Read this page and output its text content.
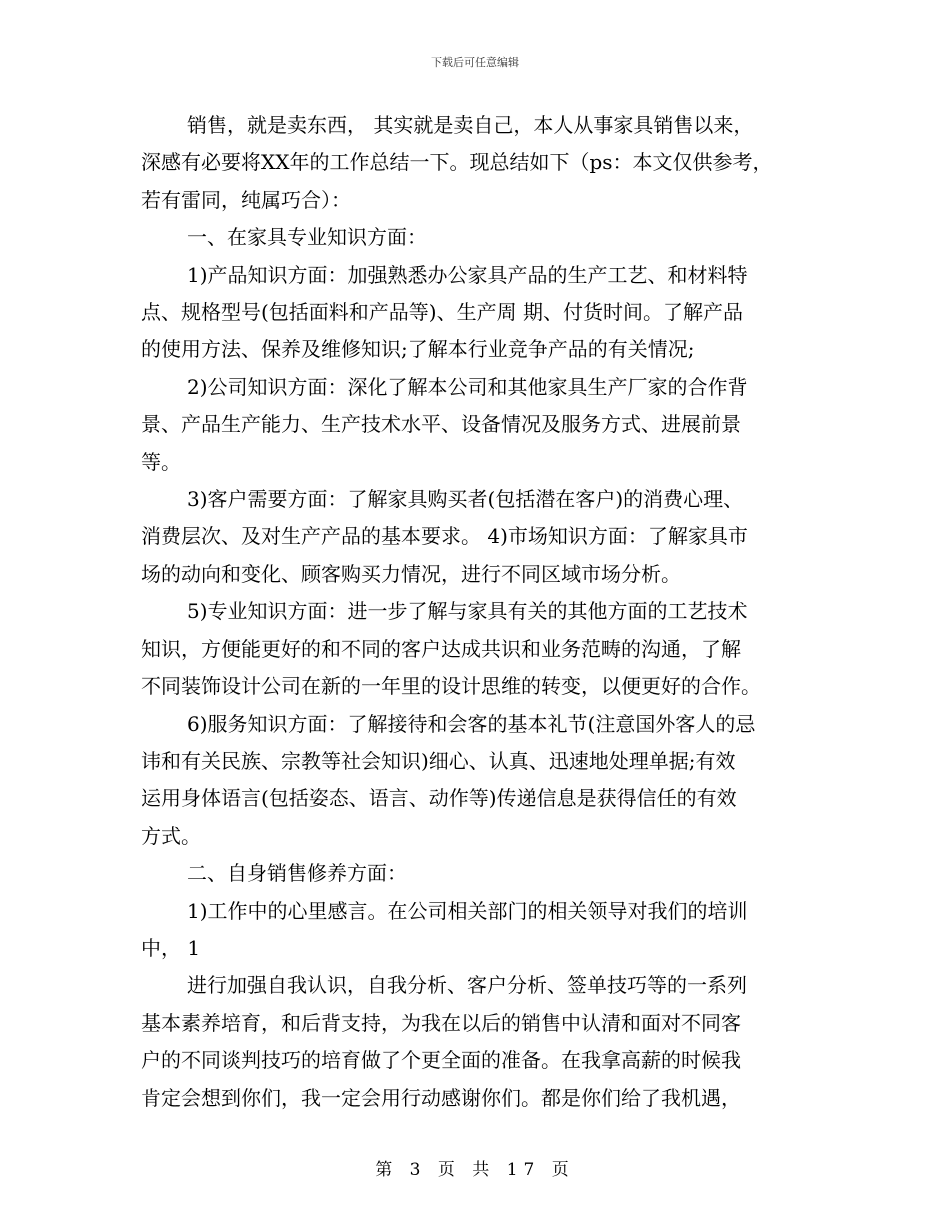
下载后可任意编辑
销售，就是卖东西， 其实就是卖自己，本人从事家具销售以来，
深感有必要将XX年的工作总结一下。现总结如下（ps：本文仅供参考，
若有雷同，纯属巧合）：
一、在家具专业知识方面：
1)产品知识方面：加强熟悉办公家具产品的生产工艺、和材料特
点、规格型号(包括面料和产品等)、生产周 期、付货时间。了解产品
的使用方法、保养及维修知识;了解本行业竞争产品的有关情况;
2)公司知识方面：深化了解本公司和其他家具生产厂家的合作背
景、产品生产能力、生产技术水平、设备情况及服务方式、进展前景
等。
3)客户需要方面：了解家具购买者(包括潜在客户)的消费心理、
消费层次、及对生产产品的基本要求。 4)市场知识方面：了解家具市
场的动向和变化、顾客购买力情况，进行不同区域市场分析。
5)专业知识方面：进一步了解与家具有关的其他方面的工艺技术
知识，方便能更好的和不同的客户达成共识和业务范畴的沟通，了解
不同装饰设计公司在新的一年里的设计思维的转变，以便更好的合作。
6)服务知识方面：了解接待和会客的基本礼节(注意国外客人的忌
讳和有关民族、宗教等社会知识)细心、认真、迅速地处理单据;有效
运用身体语言(包括姿态、语言、动作等)传递信息是获得信任的有效
方式。
二、自身销售修养方面：
1)工作中的心里感言。在公司相关部门的相关领导对我们的培训
中， 1
进行加强自我认识，自我分析、客户分析、签单技巧等的一系列
基本素养培育，和后背支持，为我在以后的销售中认清和面对不同客
户的不同谈判技巧的培育做了个更全面的准备。在我拿高薪的时候我
肯定会想到你们，我一定会用行动感谢你们。都是你们给了我机遇，
第 3 页 共 17 页
